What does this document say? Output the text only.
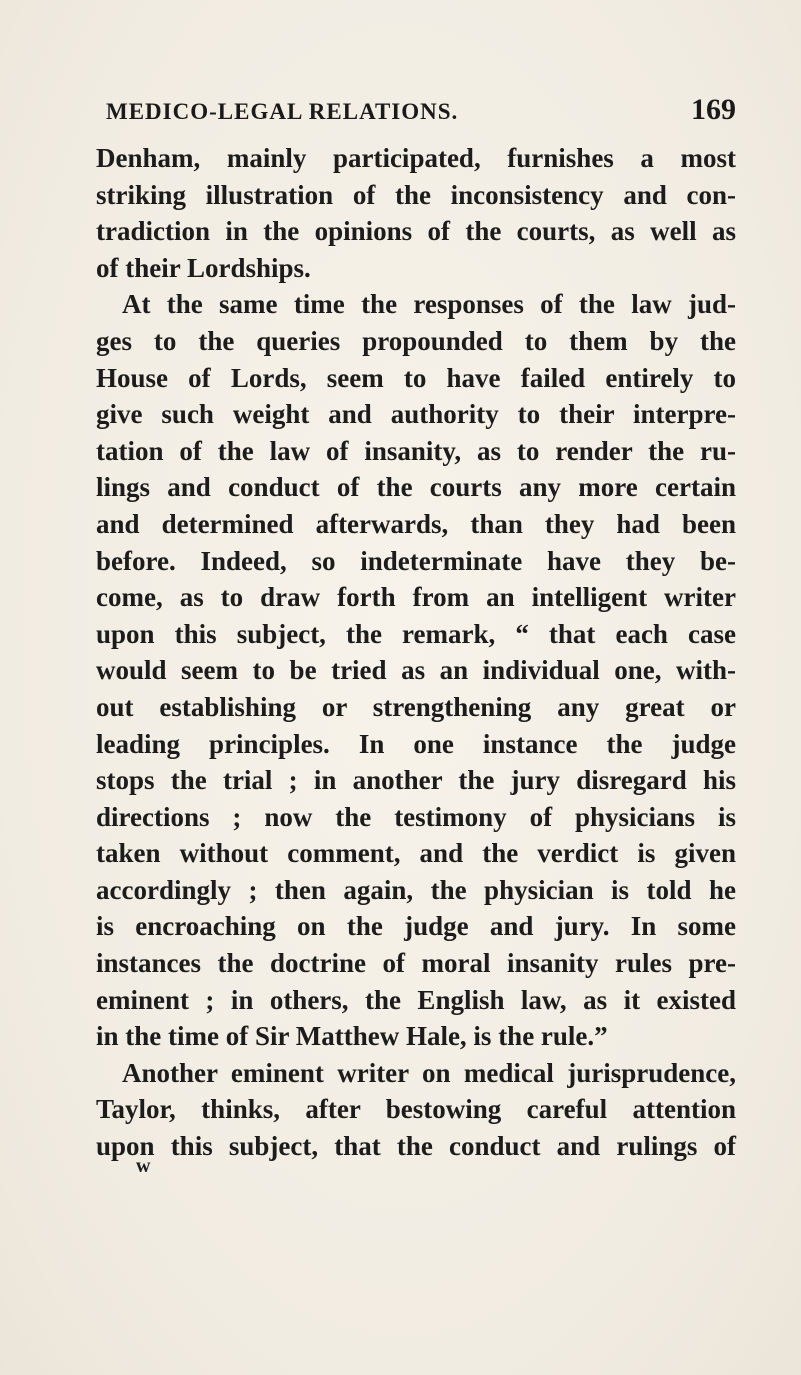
MEDICO-LEGAL RELATIONS.	169
Denham, mainly participated, furnishes a most
striking illustration of the inconsistency and con-
tradiction in the opinions of the courts, as well as
of their Lordships.
At the same time the responses of the law jud-
ges to the queries propounded to them by the
House of Lords, seem to have failed entirely to
give such weight and authority to their interpre-
tation of the law of insanity, as to render the ru-
lings and conduct of the courts any more certain
and determined afterwards, than they had been
before. Indeed, so indeterminate have they be-
come, as to draw forth from an intelligent writer
upon this subject, the remark, “ that each case
would seem to be tried as an individual one, with-
out establishing or strengthening any great or
leading principles. In one instance the judge
stops the trial ; in another the jury disregard his
directions ; now the testimony of physicians is
taken without comment, and the verdict is given
accordingly ; then again, the physician is told he
is encroaching on the judge and jury. In some
instances the doctrine of moral insanity rules pre-
eminent ; in others, the English law, as it existed
in the time of Sir Matthew Hale, is the rule.”
Another eminent writer on medical jurisprudence,
Taylor, thinks, after bestowing careful attention
upon this subject, that the conduct and rulings of
w
